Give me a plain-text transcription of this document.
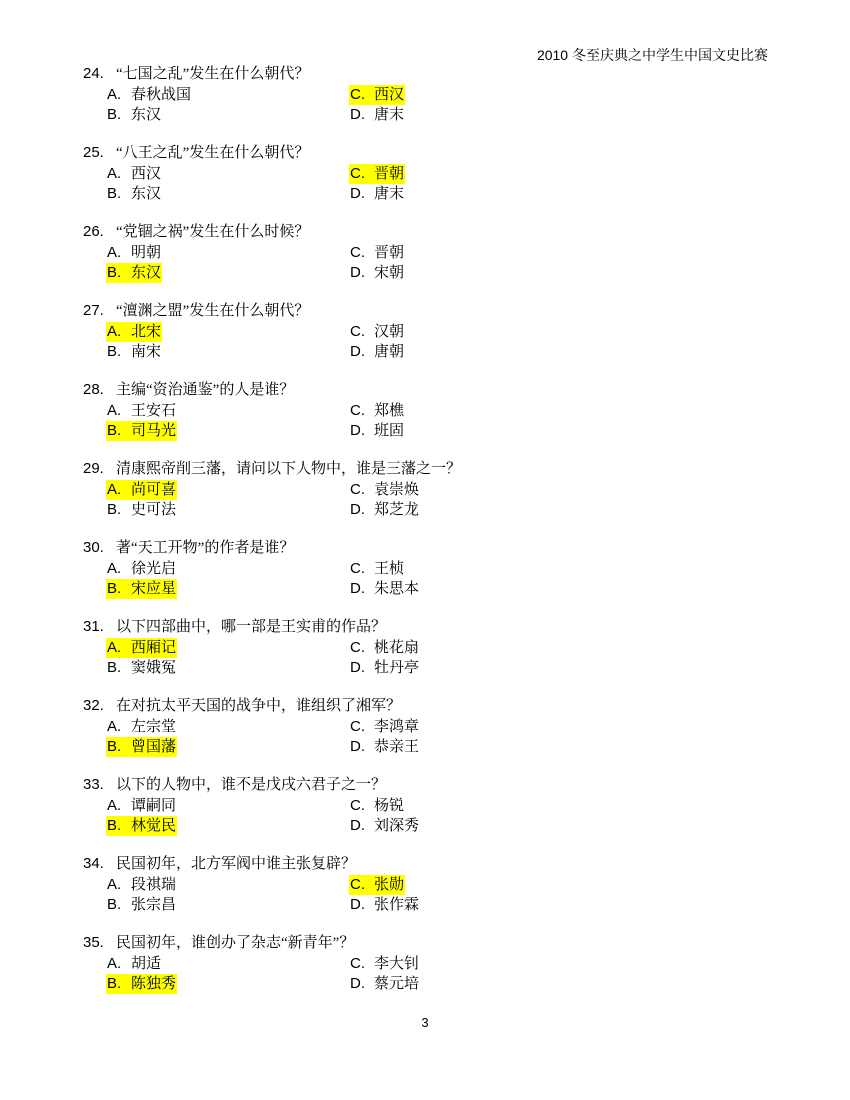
2010 冬至庆典之中学生中国文史比赛
24. “七国之乱”发生在什么朝代？
A. 春秋战国
B. 东汉
C. 西汉
D. 唐末
25. “八王之乱”发生在什么朝代？
A. 西汉
B. 东汉
C. 晋朝
D. 唐末
26. “党锢之祸”发生在什么时候？
A. 明朝
B. 东汉
C. 晋朝
D. 宋朝
27. “澶渊之盟”发生在什么朝代？
A. 北宋
B. 南宋
C. 汉朝
D. 唐朝
28. 主编“资治通鉴”的人是谁？
A. 王安石
B. 司马光
C. 郑樵
D. 班固
29. 清康熙帝削三藩，请问以下人物中，谁是三藩之一？
A. 尚可喜
B. 史可法
C. 袁崇焕
D. 郑芝龙
30. 著“天工开物”的作者是谁？
A. 徐光启
B. 宋应星
C. 王桢
D. 朱思本
31. 以下四部曲中，哪一部是王实甫的作品？
A. 西厢记
B. 窦娥冤
C. 桃花扇
D. 牡丹亭
32. 在对抗太平天国的战争中，谁组织了湘军？
A. 左宗堂
B. 曾国藩
C. 李鸿章
D. 恭亲王
33. 以下的人物中，谁不是戊戌六君子之一？
A. 谭嗣同
B. 林觉民
C. 杨锐
D. 刘深秀
34. 民国初年，北方军阀中谁主张复辟？
A. 段祺瑞
B. 张宗昌
C. 张勋
D. 张作霖
35. 民国初年，谁创办了杂志“新青年”？
A. 胡适
B. 陈独秀
C. 李大钊
D. 蔡元培
3
